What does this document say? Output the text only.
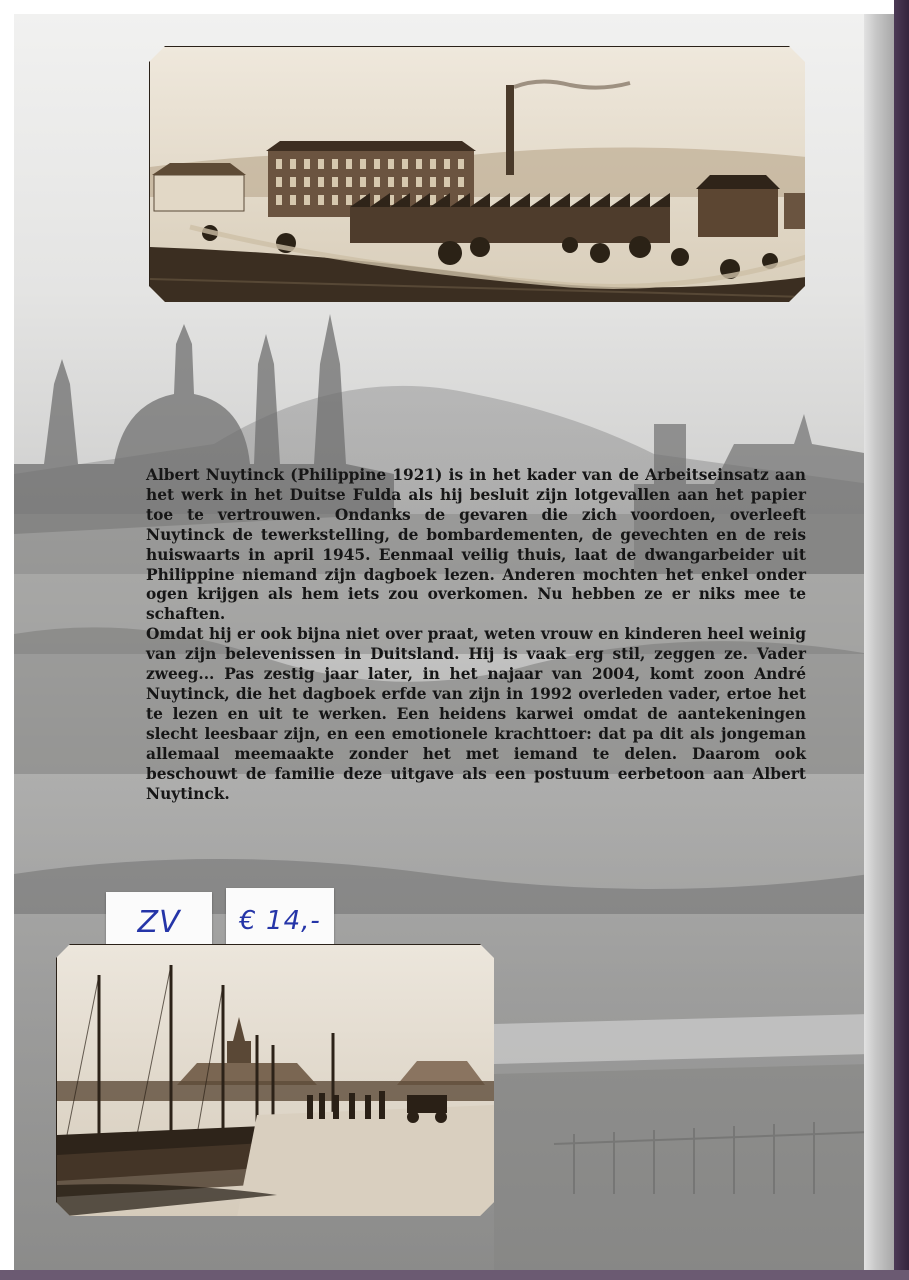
Albert Nuytinck (Philippine 1921) is in het kader van de Arbeitseinsatz aan het werk in het Duitse Fulda als hij besluit zijn lotgevallen aan het papier toe te vertrouwen. Ondanks de gevaren die zich voordoen, overleeft Nuytinck de tewerkstelling, de bombardementen, de gevechten en de reis huiswaarts in april 1945. Eenmaal veilig thuis, laat de dwangarbeider uit Philippine niemand zijn dagboek lezen. Anderen mochten het enkel onder ogen krijgen als hem iets zou overkomen. Nu hebben ze er niks mee te schaften.

Omdat hij er ook bijna niet over praat, weten vrouw en kinderen heel weinig van zijn belevenissen in Duitsland. Hij is vaak erg stil, zeggen ze. Vader zweeg... Pas zestig jaar later, in het najaar van 2004, komt zoon André Nuytinck, die het dagboek erfde van zijn in 1992 overleden vader, ertoe het te lezen en uit te werken. Een heidens karwei omdat de aantekeningen slecht leesbaar zijn, en een emotionele krachttoer: dat pa dit als jongeman allemaal meemaakte zonder het met iemand te delen. Daarom ook beschouwt de familie deze uitgave als een postuum eerbetoon aan Albert Nuytinck.

ZV	€ 14,-
